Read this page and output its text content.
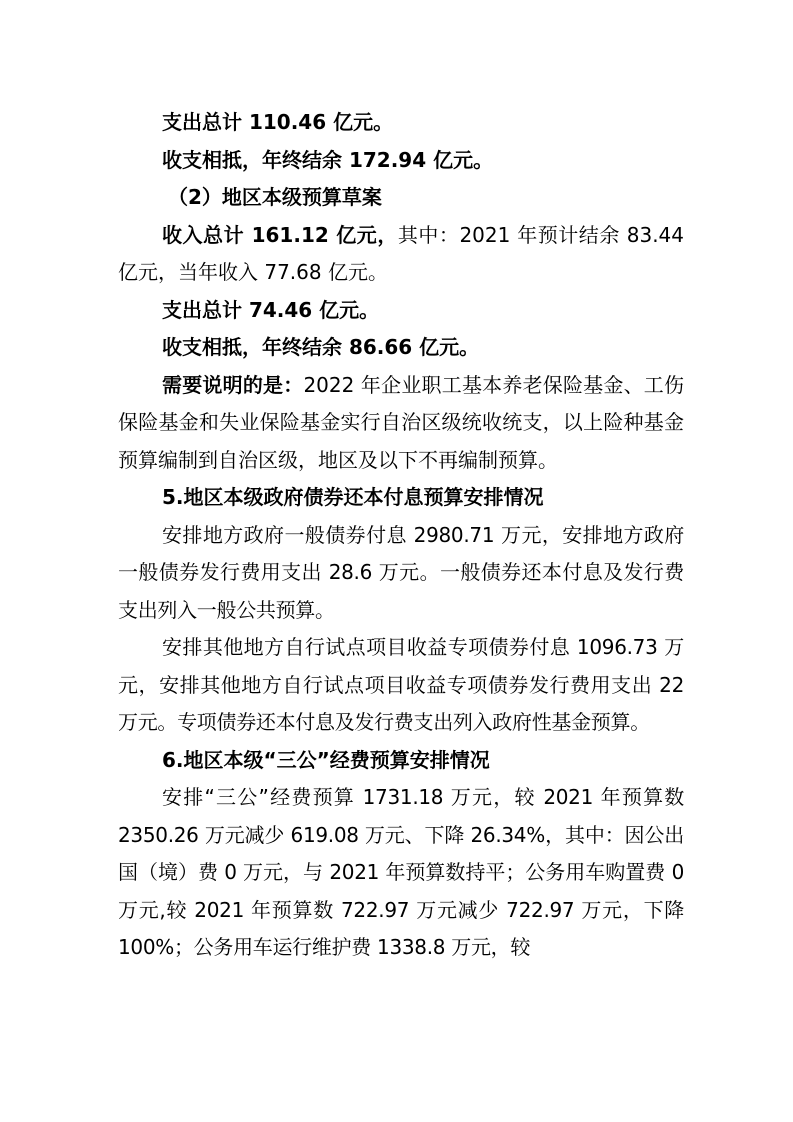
支出总计 110.46 亿元。

收支相抵，年终结余 172.94 亿元。

（2）地区本级预算草案

收入总计 161.12 亿元，其中：2021 年预计结余 83.44 亿元，当年收入 77.68 亿元。

支出总计 74.46 亿元。

收支相抵，年终结余 86.66 亿元。

需要说明的是：2022 年企业职工基本养老保险基金、工伤保险基金和失业保险基金实行自治区级统收统支，以上险种基金预算编制到自治区级，地区及以下不再编制预算。

5.地区本级政府债券还本付息预算安排情况

安排地方政府一般债券付息 2980.71 万元，安排地方政府一般债券发行费用支出 28.6 万元。一般债券还本付息及发行费支出列入一般公共预算。

安排其他地方自行试点项目收益专项债券付息 1096.73 万元，安排其他地方自行试点项目收益专项债券发行费用支出 22 万元。专项债券还本付息及发行费支出列入政府性基金预算。

6.地区本级“三公”经费预算安排情况

安排“三公”经费预算 1731.18 万元，较 2021 年预算数 2350.26 万元减少 619.08 万元、下降 26.34%，其中：因公出国（境）费 0 万元，与 2021 年预算数持平；公务用车购置费 0 万元,较 2021 年预算数 722.97 万元减少 722.97 万元，下降 100%；公务用车运行维护费 1338.8 万元，较
